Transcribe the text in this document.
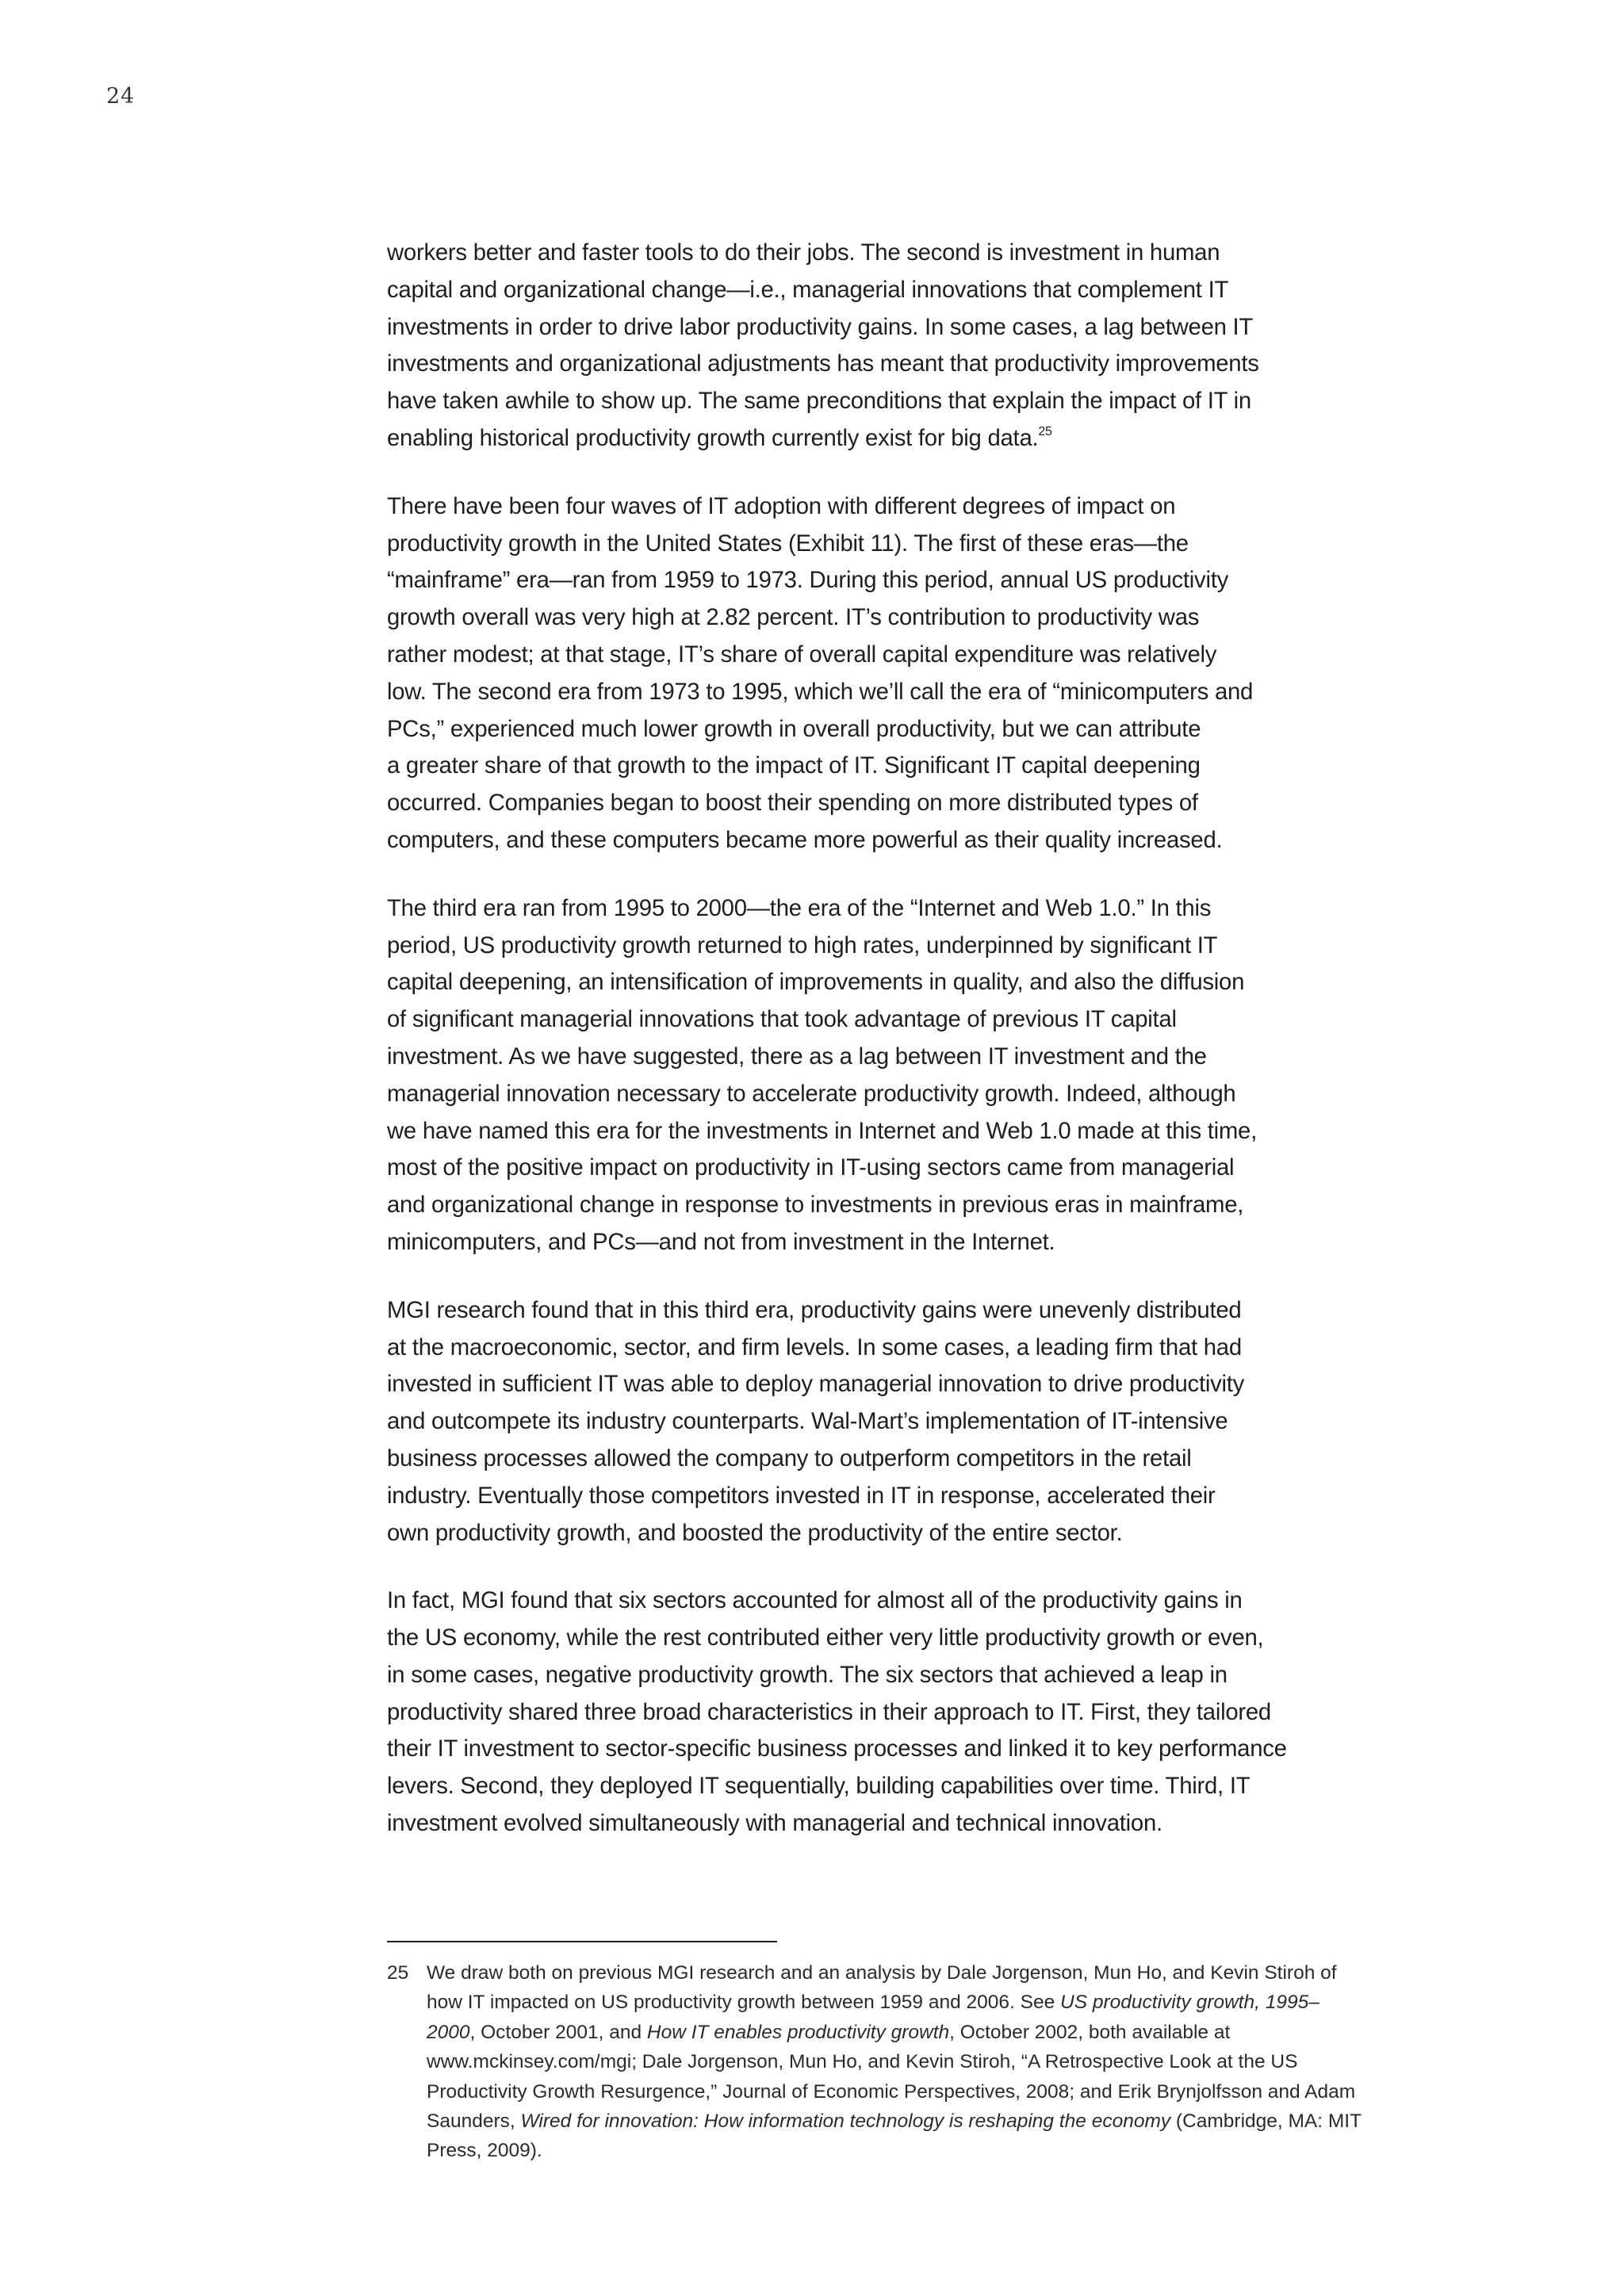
24

workers better and faster tools to do their jobs. The second is investment in human
capital and organizational change—i.e., managerial innovations that complement IT
investments in order to drive labor productivity gains. In some cases, a lag between IT
investments and organizational adjustments has meant that productivity improvements
have taken awhile to show up. The same preconditions that explain the impact of IT in
enabling historical productivity growth currently exist for big data.$^{25}$

There have been four waves of IT adoption with different degrees of impact on
productivity growth in the United States (Exhibit 11). The first of these eras—the
“mainframe” era—ran from 1959 to 1973. During this period, annual US productivity
growth overall was very high at 2.82 percent. IT’s contribution to productivity was
rather modest; at that stage, IT’s share of overall capital expenditure was relatively
low. The second era from 1973 to 1995, which we’ll call the era of “minicomputers and
PCs,” experienced much lower growth in overall productivity, but we can attribute
a greater share of that growth to the impact of IT. Significant IT capital deepening
occurred. Companies began to boost their spending on more distributed types of
computers, and these computers became more powerful as their quality increased.

The third era ran from 1995 to 2000—the era of the “Internet and Web 1.0.” In this
period, US productivity growth returned to high rates, underpinned by significant IT
capital deepening, an intensification of improvements in quality, and also the diffusion
of significant managerial innovations that took advantage of previous IT capital
investment. As we have suggested, there as a lag between IT investment and the
managerial innovation necessary to accelerate productivity growth. Indeed, although
we have named this era for the investments in Internet and Web 1.0 made at this time,
most of the positive impact on productivity in IT-using sectors came from managerial
and organizational change in response to investments in previous eras in mainframe,
minicomputers, and PCs—and not from investment in the Internet.

MGI research found that in this third era, productivity gains were unevenly distributed
at the macroeconomic, sector, and firm levels. In some cases, a leading firm that had
invested in sufficient IT was able to deploy managerial innovation to drive productivity
and outcompete its industry counterparts. Wal-Mart’s implementation of IT-intensive
business processes allowed the company to outperform competitors in the retail
industry. Eventually those competitors invested in IT in response, accelerated their
own productivity growth, and boosted the productivity of the entire sector.

In fact, MGI found that six sectors accounted for almost all of the productivity gains in
the US economy, while the rest contributed either very little productivity growth or even,
in some cases, negative productivity growth. The six sectors that achieved a leap in
productivity shared three broad characteristics in their approach to IT. First, they tailored
their IT investment to sector-specific business processes and linked it to key performance
levers. Second, they deployed IT sequentially, building capabilities over time. Third, IT
investment evolved simultaneously with managerial and technical innovation.

25 We draw both on previous MGI research and an analysis by Dale Jorgenson, Mun Ho, and Kevin Stiroh of how IT impacted on US productivity growth between 1959 and 2006. See US productivity growth, 1995–2000, October 2001, and How IT enables productivity growth, October 2002, both available at www.mckinsey.com/mgi; Dale Jorgenson, Mun Ho, and Kevin Stiroh, “A Retrospective Look at the US Productivity Growth Resurgence,” Journal of Economic Perspectives, 2008; and Erik Brynjolfsson and Adam Saunders, Wired for innovation: How information technology is reshaping the economy (Cambridge, MA: MIT Press, 2009).
